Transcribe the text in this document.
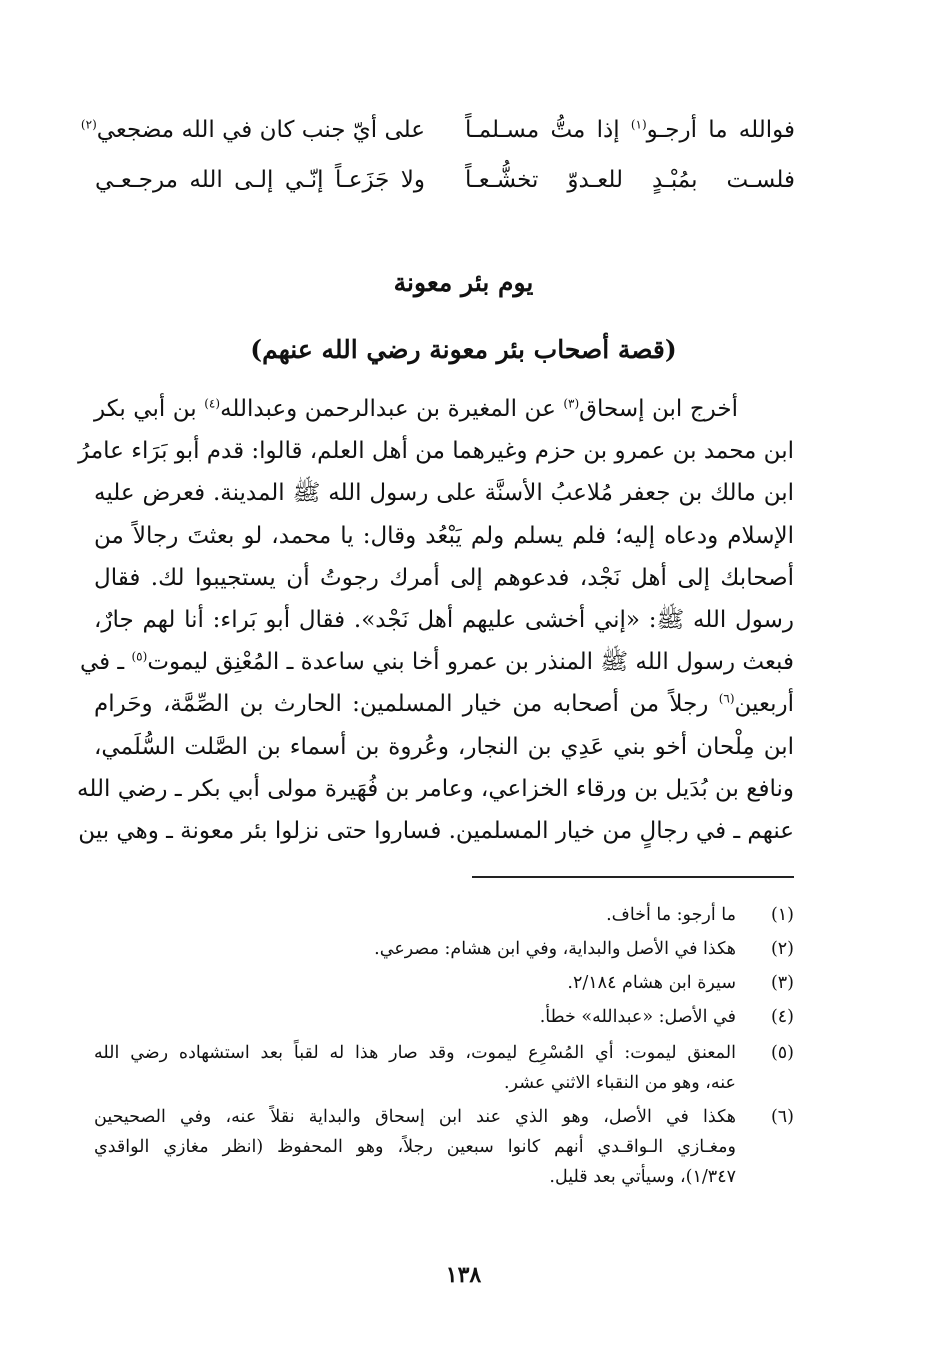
فوالله ما أرجـو$^{(١)}$ إذا متُّ مسـلمـاً
على أيّ جنب كان في الله مضجعي$^{(٢)}$
فلسـت بمُبْـدٍ للعـدوّ تخشُّـعـاً
ولا جَزَعـاً إنّـي إلـى الله مرجـعـي
يوم بئر معونة
(قصة أصحاب بئر معونة رضي الله عنهم)
أخرج ابن إسحاق$^{(٣)}$ عن المغيرة بن عبدالرحمن وعبدالله$^{(٤)}$ بن أبي بكر
ابن محمد بن عمرو بن حزم وغيرهما من أهل العلم، قالوا: قدم أبو بَرَاء عامرُ
ابن مالك بن جعفر مُلاعبُ الأسنَّة على رسول الله ﷺ المدينة. فعرض عليه
الإسلام ودعاه إليه؛ فلم يسلم ولم يَبْعُد وقال: يا محمد، لو بعثتَ رجالاً من
أصحابك إلى أهل نَجْد، فدعوهم إلى أمرك رجوتُ أن يستجيبوا لك. فقال
رسول الله ﷺ: «إني أخشى عليهم أهل نَجْد». فقال أبو بَراء: أنا لهم جارٌ،
فبعث رسول الله ﷺ المنذر بن عمرو أخا بني ساعدة ـ المُعْنِق ليموت$^{(٥)}$ ـ في
أربعين$^{(٦)}$ رجلاً من أصحابه من خيار المسلمين: الحارث بن الصِّمَّة، وحَرام
ابن مِلْحان أخو بني عَدِي بن النجار، وعُروة بن أسماء بن الصَّلت السُّلَمي،
ونافع بن بُدَيل بن ورقاء الخزاعي، وعامر بن فُهَيرة مولى أبي بكر ـ رضي الله
عنهم ـ في رجالٍ من خيار المسلمين. فساروا حتى نزلوا بئر معونة ـ وهي بين
(١)
ما أرجو: ما أخاف.
(٢)
هكذا في الأصل والبداية، وفي ابن هشام: مصرعي.
(٣)
سيرة ابن هشام ٢/١٨٤.
(٤)
في الأصل: «عبدالله» خطأ.
(٥)
المعنق ليموت: أي المُسْرِع ليموت، وقد صار هذا له لقباً بعد استشهاده رضي الله
عنه، وهو من النقباء الاثني عشر.
(٦)
هكذا في الأصل، وهو الذي عند ابن إسحاق والبداية نقلاً عنه، وفي الصحيحين
ومغـازي الـواقـدي أنهم كانوا سبعين رجلاً، وهو المحفوظ (انظر مغازي الواقدي
١/٣٤٧)، وسيأتي بعد قليل.
١٣٨
